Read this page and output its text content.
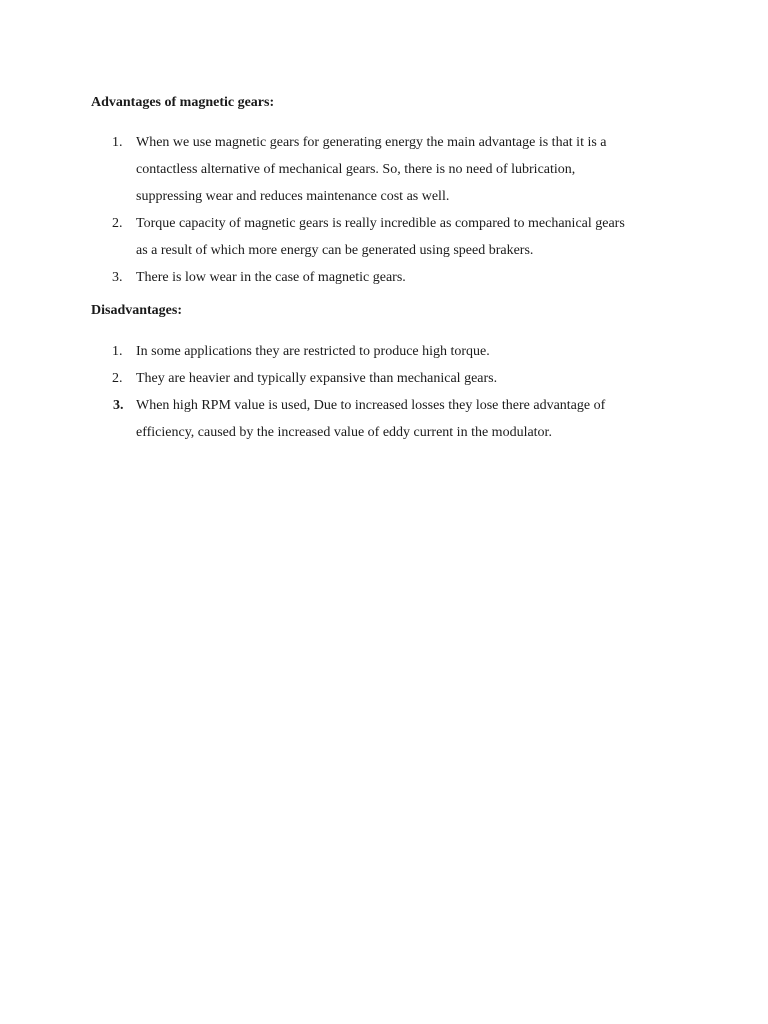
Advantages of magnetic gears:
1. When we use magnetic gears for generating energy the main advantage is that it is a
contactless alternative of mechanical gears. So, there is no need of lubrication,
suppressing wear and reduces maintenance cost as well.
2. Torque capacity of magnetic gears is really incredible as compared to mechanical gears
as a result of which more energy can be generated using speed brakers.
3. There is low wear in the case of magnetic gears.
Disadvantages:
1. In some applications they are restricted to produce high torque.
2. They are heavier and typically expansive than mechanical gears.
3. When high RPM value is used, Due to increased losses they lose there advantage of
efficiency, caused by the increased value of eddy current in the modulator.
